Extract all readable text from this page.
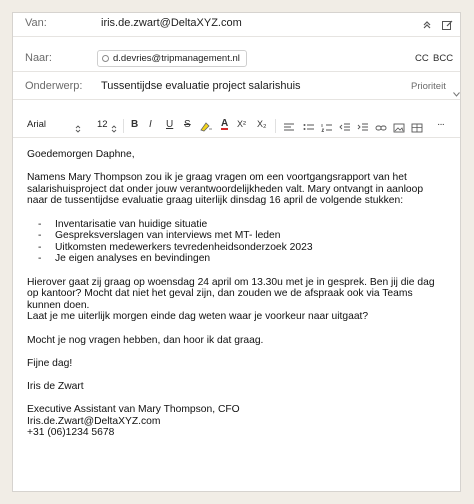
Van:	iris.de.zwart@DeltaXYZ.com
Naar:	d.devries@tripmanagement.nl	CC BCC
Onderwerp: Tussentijdse evaluatie project salarishuis	Prioriteit
Arial	12 B I U S	A X² X₂	···

Goedemorgen Daphne,

Namens Mary Thompson zou ik je graag vragen om een voortgangsrapport van het
salarishuisproject dat onder jouw verantwoordelijkheden valt. Mary ontvangt in aanloop
naar de tussentijdse evaluatie graag uiterlijk dinsdag 16 april de volgende stukken:

- Inventarisatie van huidige situatie
- Gespreksverslagen van interviews met MT- leden
- Uitkomsten medewerkers tevredenheidsonderzoek 2023
- Je eigen analyses en bevindingen

Hierover gaat zij graag op woensdag 24 april om 13.30u met je in gesprek. Ben jij die dag
op kantoor? Mocht dat niet het geval zijn, dan zouden we de afspraak ook via Teams kunnen doen.
Laat je me uiterlijk morgen einde dag weten waar je voorkeur naar uitgaat?

Mocht je nog vragen hebben, dan hoor ik dat graag.

Fijne dag!

Iris de Zwart

Executive Assistant van Mary Thompson, CFO
Iris.de.Zwart@DeltaXYZ.com
+31 (06)1234 5678
